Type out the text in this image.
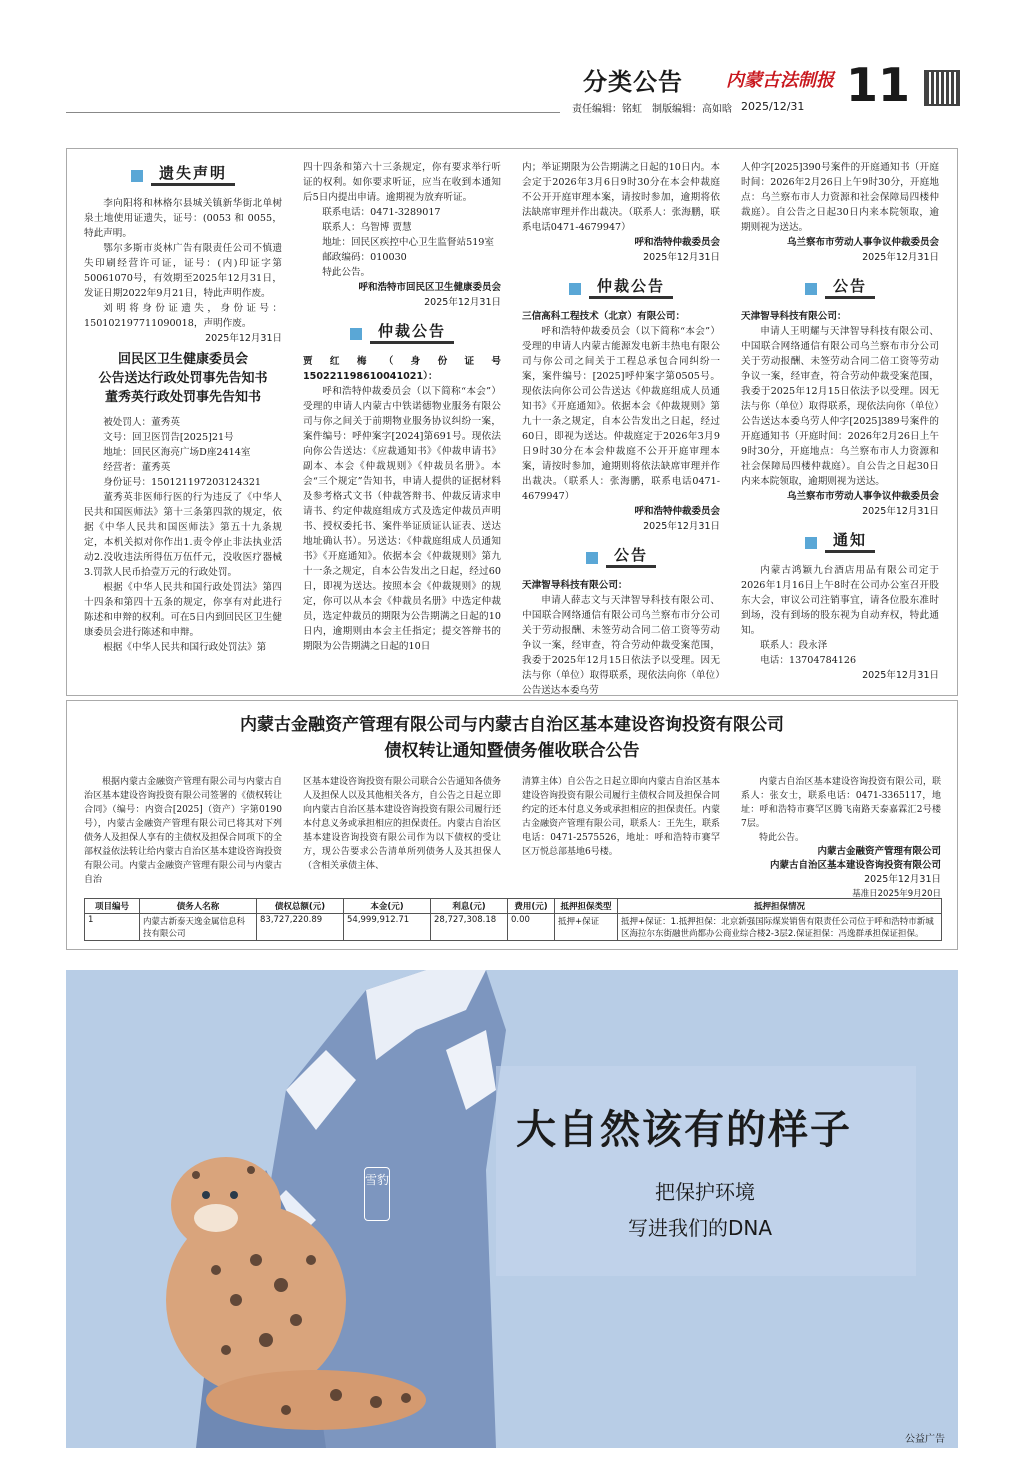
分类公告 内蒙古法制报 11
责任编辑：铭虹　制版编辑：高如晗 2025/12/31
遗失声明

李向阳将和林格尔县城关镇新华街北单树泉土地使用证遗失，证号：(0053 和 0055，特此声明。

鄂尔多斯市炎林广告有限责任公司不慎遗失印刷经营许可证，证号：(内)印证字第50061070号，有效期至2025年12月31日，发证日期2022年9月21日，特此声明作废。

刘明将身份证遗失，身份证号：150102197711090018，声明作废。

2025年12月31日

回民区卫生健康委员会
公告送达行政处罚事先告知书
董秀英行政处罚事先告知书

被处罚人：董秀英

文号：回卫医罚告[2025]21号

地址：回民区海亮广场D座2414室

经营者：董秀英

身份证号：150121197203124321

董秀英非医师行医的行为违反了《中华人民共和国医师法》第十三条第四款的规定，依据《中华人民共和国医师法》第五十九条规定，本机关拟对你作出1.责令停止非法执业活动2.没收违法所得伍万伍仟元，没收医疗器械3.罚款人民币拾壹万元的行政处罚。

根据《中华人民共和国行政处罚法》第四十四条和第四十五条的规定，你享有对此进行陈述和申辩的权利。可在5日内到回民区卫生健康委员会进行陈述和申辩。

根据《中华人民共和国行政处罚法》第

四十四条和第六十三条规定，你有要求举行听证的权利。如你要求听证，应当在收到本通知后5日内提出申请。逾期视为放弃听证。

联系电话：0471-3289017

联系人：乌智博 贾慧

地址：回民区疾控中心卫生监督站519室

邮政编码：010030

特此公告。

呼和浩特市回民区卫生健康委员会

2025年12月31日

仲裁公告

贾红梅（身份证号150221198610041021）：

呼和浩特仲裁委员会（以下简称“本会”）受理的申请人内蒙古中铁诺德物业服务有限公司与你之间关于前期物业服务协议纠纷一案，案件编号：呼仲案字[2024]第691号。现依法向你公告送达：《应裁通知书》《仲裁申请书》副本、本会《仲裁规则》《仲裁员名册》。本会“三个规定”告知书，申请人提供的证据材料及参考格式文书（仲裁答辩书、仲裁反请求申请书、约定仲裁庭组成方式及选定仲裁员声明书、授权委托书、案件举证质证认证表、送达地址确认书）。另送达：《仲裁庭组成人员通知书》《开庭通知》。依据本会《仲裁规则》第九十一条之规定，自本公告发出之日起，经过60日，即视为送达。按照本会《仲裁规则》的规定，你可以从本会《仲裁员名册》中选定仲裁员，选定仲裁员的期限为公告期满之日起的10日内，逾期则由本会主任指定；提交答辩书的期限为公告期满之日起的10日

内；举证期限为公告期满之日起的10日内。本会定于2026年3月6日9时30分在本会仲裁庭不公开开庭审理本案，请按时参加，逾期将依法缺席审理并作出裁决。（联系人：张海鹏，联系电话0471-4679947）

呼和浩特仲裁委员会

2025年12月31日

仲裁公告

三信高科工程技术（北京）有限公司：

呼和浩特仲裁委员会（以下简称“本会”）受理的申请人内蒙古能源发电新丰热电有限公司与你公司之间关于工程总承包合同纠纷一案，案件编号：[2025]呼仲案字第0505号。现依法向你公司公告送达《仲裁庭组成人员通知书》《开庭通知》。依据本会《仲裁规则》第九十一条之规定，自本公告发出之日起，经过60日，即视为送达。仲裁庭定于2026年3月9日9时30分在本会仲裁庭不公开开庭审理本案，请按时参加，逾期则将依法缺席审理并作出裁决。（联系人：张海鹏，联系电话0471-4679947）

呼和浩特仲裁委员会

2025年12月31日

公告

天津智导科技有限公司：

申请人薛志文与天津智导科技有限公司、中国联合网络通信有限公司乌兰察布市分公司关于劳动报酬、未签劳动合同二倍工资等劳动争议一案，经审查，符合劳动仲裁受案范围，我委于2025年12月15日依法予以受理。因无法与你（单位）取得联系，现依法向你（单位）公告送达本委乌劳

人仲字[2025]390号案件的开庭通知书（开庭时间：2026年2月26日上午9时30分，开庭地点：乌兰察布市人力资源和社会保障局四楼仲裁庭）。自公告之日起30日内来本院领取，逾期则视为送达。

乌兰察布市劳动人事争议仲裁委员会

2025年12月31日

公告

天津智导科技有限公司：

申请人王明耀与天津智导科技有限公司、中国联合网络通信有限公司乌兰察布市分公司关于劳动报酬、未签劳动合同二倍工资等劳动争议一案，经审查，符合劳动仲裁受案范围，我委于2025年12月15日依法予以受理。因无法与你（单位）取得联系，现依法向你（单位）公告送达本委乌劳人仲字[2025]389号案件的开庭通知书（开庭时间：2026年2月26日上午9时30分，开庭地点：乌兰察布市人力资源和社会保障局四楼仲裁庭）。自公告之日起30日内来本院领取，逾期则视为送达。

乌兰察布市劳动人事争议仲裁委员会

2025年12月31日

通知

内蒙古鸿颖九台酒店用品有限公司定于2026年1月16日上午8时在公司办公室召开股东大会，审议公司注销事宜，请各位股东准时到场，没有到场的股东视为自动弃权，特此通知。

联系人：段永泽

电话：13704784126

2025年12月31日

内蒙古金融资产管理有限公司与内蒙古自治区基本建设咨询投资有限公司
债权转让通知暨债务催收联合公告

根据内蒙古金融资产管理有限公司与内蒙古自治区基本建设咨询投资有限公司签署的《债权转让合同》（编号：内资合[2025]（资产）字第0190号），内蒙古金融资产管理有限公司已将其对下列债务人及担保人享有的主债权及担保合同项下的全部权益依法转让给内蒙古自治区基本建设咨询投资有限公司。内蒙古金融资产管理有限公司与内蒙古自治

区基本建设咨询投资有限公司联合公告通知各债务人及担保人以及其他相关各方，自公告之日起立即向内蒙古自治区基本建设咨询投资有限公司履行还本付息义务或承担相应的担保责任。内蒙古自治区基本建设咨询投资有限公司作为以下债权的受让方，现公告要求公告清单所列债务人及其担保人（含相关承债主体、

清算主体）自公告之日起立即向内蒙古自治区基本建设咨询投资有限公司履行主债权合同及担保合同约定的还本付息义务或承担相应的担保责任。内蒙古金融资产管理有限公司，联系人：王先生，联系电话：0471-2575526，地址：呼和浩特市赛罕区万悦总部基地6号楼。

内蒙古自治区基本建设咨询投资有限公司，联系人：张女士，联系电话：0471-3365117，地址：呼和浩特市赛罕区腾飞南路天泰嘉霖汇2号楼7层。

特此公告。

内蒙古金融资产管理有限公司

内蒙古自治区基本建设咨询投资有限公司

2025年12月31日

基准日2025年9月20日

项目编号	债务人名称	债权总额(元)	本金(元)	利息(元)	费用(元)	抵押担保类型	抵押担保情况
1	内蒙古新泰天逸金属信息科技有限公司	83,727,220.89	54,999,912.71	28,727,308.18	0.00	抵押+保证	抵押+保证：1.抵押担保：北京新强国际煤炭销售有限责任公司位于呼和浩特市新城区海拉尔东街融世尚都办公商业综合楼2-3层2.保证担保：冯逸群承担保证担保。
雪豹
大自然该有的样子
把保护环境
写进我们的DNA
公益广告
